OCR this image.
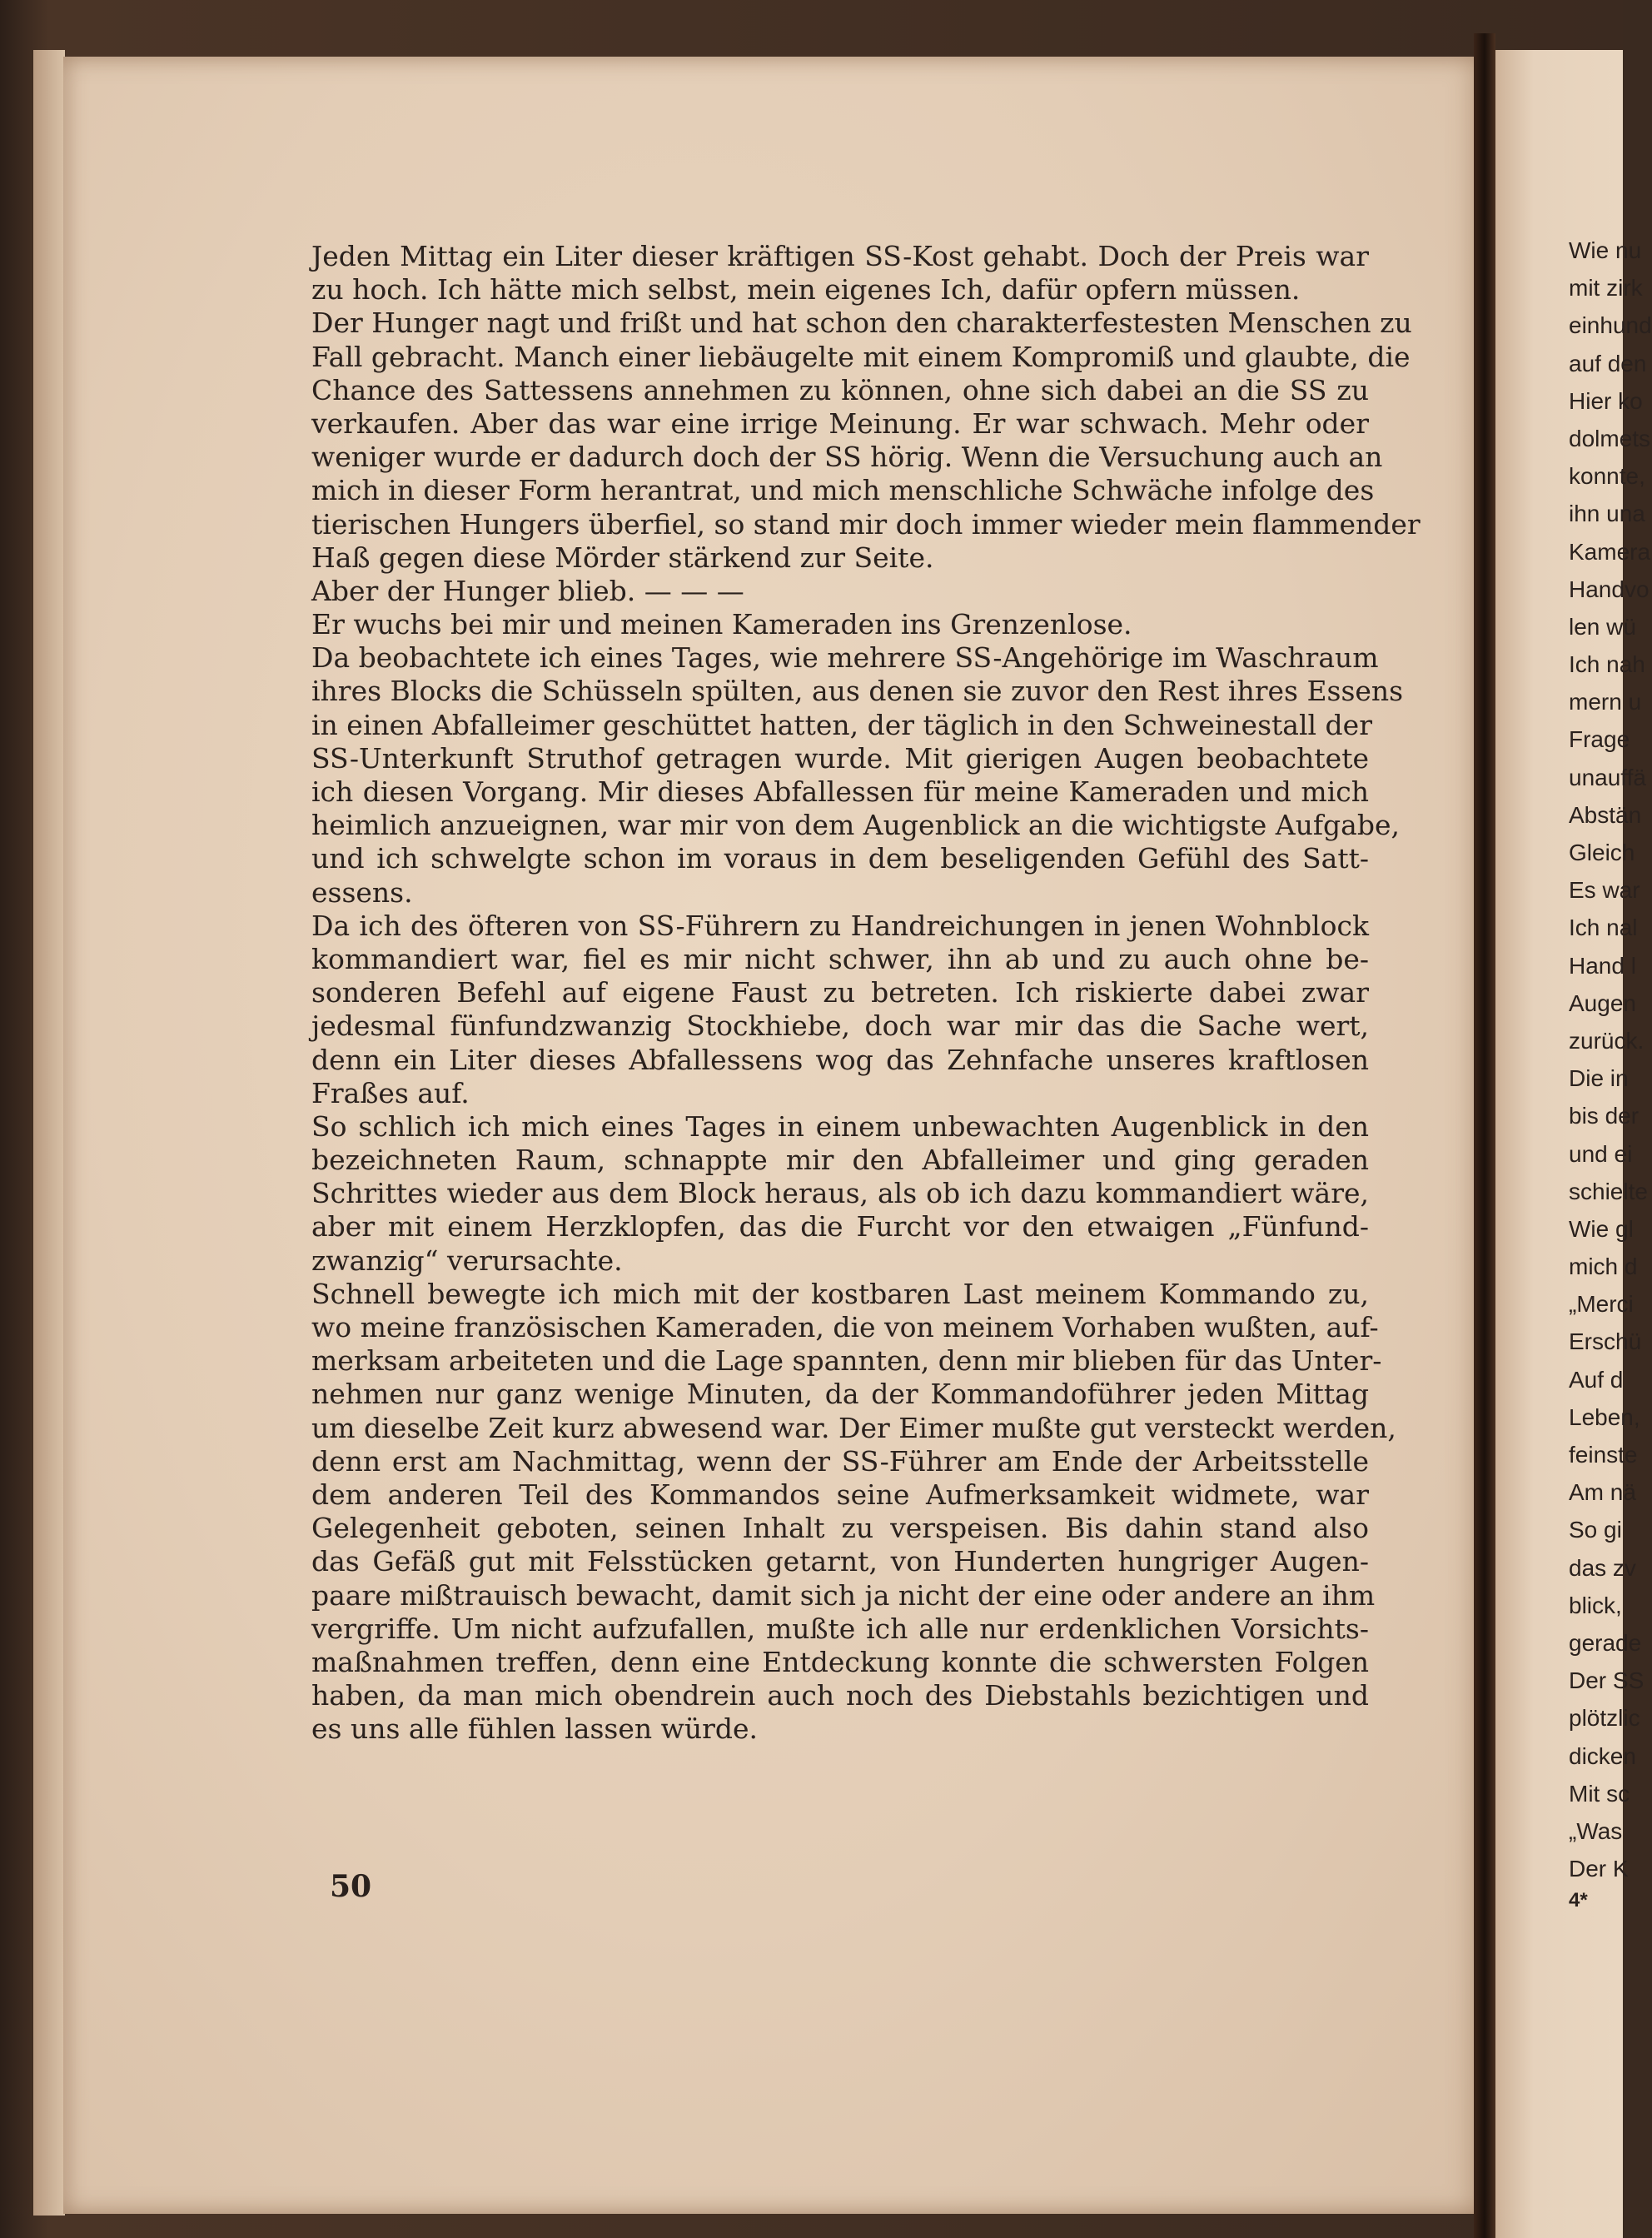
Jeden Mittag ein Liter dieser kräftigen SS-Kost gehabt. Doch der Preis war
zu hoch. Ich hätte mich selbst, mein eigenes Ich, dafür opfern müssen.
Der Hunger nagt und frißt und hat schon den charakterfestesten Menschen zu
Fall gebracht. Manch einer liebäugelte mit einem Kompromiß und glaubte, die
Chance des Sattessens annehmen zu können, ohne sich dabei an die SS zu
verkaufen. Aber das war eine irrige Meinung. Er war schwach. Mehr oder
weniger wurde er dadurch doch der SS hörig. Wenn die Versuchung auch an
mich in dieser Form herantrat, und mich menschliche Schwäche infolge des
tierischen Hungers überfiel, so stand mir doch immer wieder mein flammender
Haß gegen diese Mörder stärkend zur Seite.
Aber der Hunger blieb. — — —
Er wuchs bei mir und meinen Kameraden ins Grenzenlose.
Da beobachtete ich eines Tages, wie mehrere SS-Angehörige im Waschraum
ihres Blocks die Schüsseln spülten, aus denen sie zuvor den Rest ihres Essens
in einen Abfalleimer geschüttet hatten, der täglich in den Schweinestall der
SS-Unterkunft Struthof getragen wurde. Mit gierigen Augen beobachtete
ich diesen Vorgang. Mir dieses Abfallessen für meine Kameraden und mich
heimlich anzueignen, war mir von dem Augenblick an die wichtigste Aufgabe,
und ich schwelgte schon im voraus in dem beseligenden Gefühl des Satt-
essens.
Da ich des öfteren von SS-Führern zu Handreichungen in jenen Wohnblock
kommandiert war, fiel es mir nicht schwer, ihn ab und zu auch ohne be-
sonderen Befehl auf eigene Faust zu betreten. Ich riskierte dabei zwar
jedesmal fünfundzwanzig Stockhiebe, doch war mir das die Sache wert,
denn ein Liter dieses Abfallessens wog das Zehnfache unseres kraftlosen
Fraßes auf.
So schlich ich mich eines Tages in einem unbewachten Augenblick in den
bezeichneten Raum, schnappte mir den Abfalleimer und ging geraden
Schrittes wieder aus dem Block heraus, als ob ich dazu kommandiert wäre,
aber mit einem Herzklopfen, das die Furcht vor den etwaigen „Fünfund-
zwanzig“ verursachte.
Schnell bewegte ich mich mit der kostbaren Last meinem Kommando zu,
wo meine französischen Kameraden, die von meinem Vorhaben wußten, auf-
merksam arbeiteten und die Lage spannten, denn mir blieben für das Unter-
nehmen nur ganz wenige Minuten, da der Kommandoführer jeden Mittag
um dieselbe Zeit kurz abwesend war. Der Eimer mußte gut versteckt werden,
denn erst am Nachmittag, wenn der SS-Führer am Ende der Arbeitsstelle
dem anderen Teil des Kommandos seine Aufmerksamkeit widmete, war
Gelegenheit geboten, seinen Inhalt zu verspeisen. Bis dahin stand also
das Gefäß gut mit Felsstücken getarnt, von Hunderten hungriger Augen-
paare mißtrauisch bewacht, damit sich ja nicht der eine oder andere an ihm
vergriffe. Um nicht aufzufallen, mußte ich alle nur erdenklichen Vorsichts-
maßnahmen treffen, denn eine Entdeckung konnte die schwersten Folgen
haben, da man mich obendrein auch noch des Diebstahls bezichtigen und
es uns alle fühlen lassen würde.
50
Wie nu
mit zirk
einhund
auf den
Hier ko
dolmets
konnte,
ihn una
Kamera
Handvo
len wü
Ich nah
mern u
Frage
unauffä
Abstän
Gleich
Es war
Ich nal
Hand l
Augen
zurück.
Die in
bis der
und ei
schielte
Wie gl
mich d
„Merci
Erschü
Auf d
Leben,
feinste
Am nä
So gi
das zv
blick,
gerade
Der SS
plötzlic
dicken
Mit sc
„Was
Der K
4*
